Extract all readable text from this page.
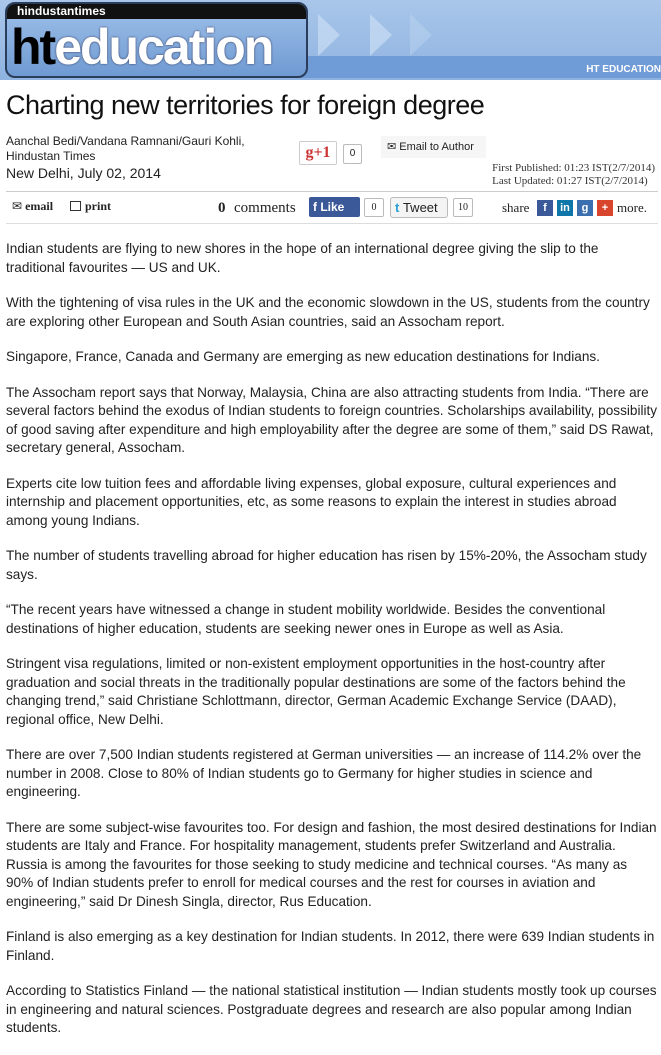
hindustantimes
hteducation	HT EDUCATION
Charting new territories for foreign degree
Aanchal Bedi/Vandana Ramnani/Gauri Kohli,
Hindustan Times
New Delhi, July 02, 2014
g+1	0
✉ Email to Author
First Published: 01:23 IST(2/7/2014)
Last Updated: 01:27 IST(2/7/2014)
✉ email	print	0 comments	f Like	0	t Tweet	10	share	f	in	g	+ more.

Indian students are flying to new shores in the hope of an international degree giving the slip to the traditional favourites — US and UK.

With the tightening of visa rules in the UK and the economic slowdown in the US, students from the country are exploring other European and South Asian countries, said an Assocham report.

Singapore, France, Canada and Germany are emerging as new education destinations for Indians.

The Assocham report says that Norway, Malaysia, China are also attracting students from India. “There are several factors behind the exodus of Indian students to foreign countries. Scholarships availability, possibility of good saving after expenditure and high employability after the degree are some of them,” said DS Rawat, secretary general, Assocham.

Experts cite low tuition fees and affordable living expenses, global exposure, cultural experiences and internship and placement opportunities, etc, as some reasons to explain the interest in studies abroad among young Indians.

The number of students travelling abroad for higher education has risen by 15%-20%, the Assocham study says.

“The recent years have witnessed a change in student mobility worldwide. Besides the conventional destinations of higher education, students are seeking newer ones in Europe as well as Asia.

Stringent visa regulations, limited or non-existent employment opportunities in the host-country after graduation and social threats in the traditionally popular destinations are some of the factors behind the changing trend,” said Christiane Schlottmann, director, German Academic Exchange Service (DAAD), regional office, New Delhi.

There are over 7,500 Indian students registered at German universities — an increase of 114.2% over the number in 2008. Close to 80% of Indian students go to Germany for higher studies in science and engineering.

There are some subject-wise favourites too. For design and fashion, the most desired destinations for Indian students are Italy and France. For hospitality management, students prefer Switzerland and Australia. Russia is among the favourites for those seeking to study medicine and technical courses. “As many as 90% of Indian students prefer to enroll for medical courses and the rest for courses in aviation and engineering,” said Dr Dinesh Singla, director, Rus Education.

Finland is also emerging as a key destination for Indian students. In 2012, there were 639 Indian students in Finland.

According to Statistics Finland — the national statistical institution — Indian students mostly took up courses in engineering and natural sciences. Postgraduate degrees and research are also popular among Indian students.
